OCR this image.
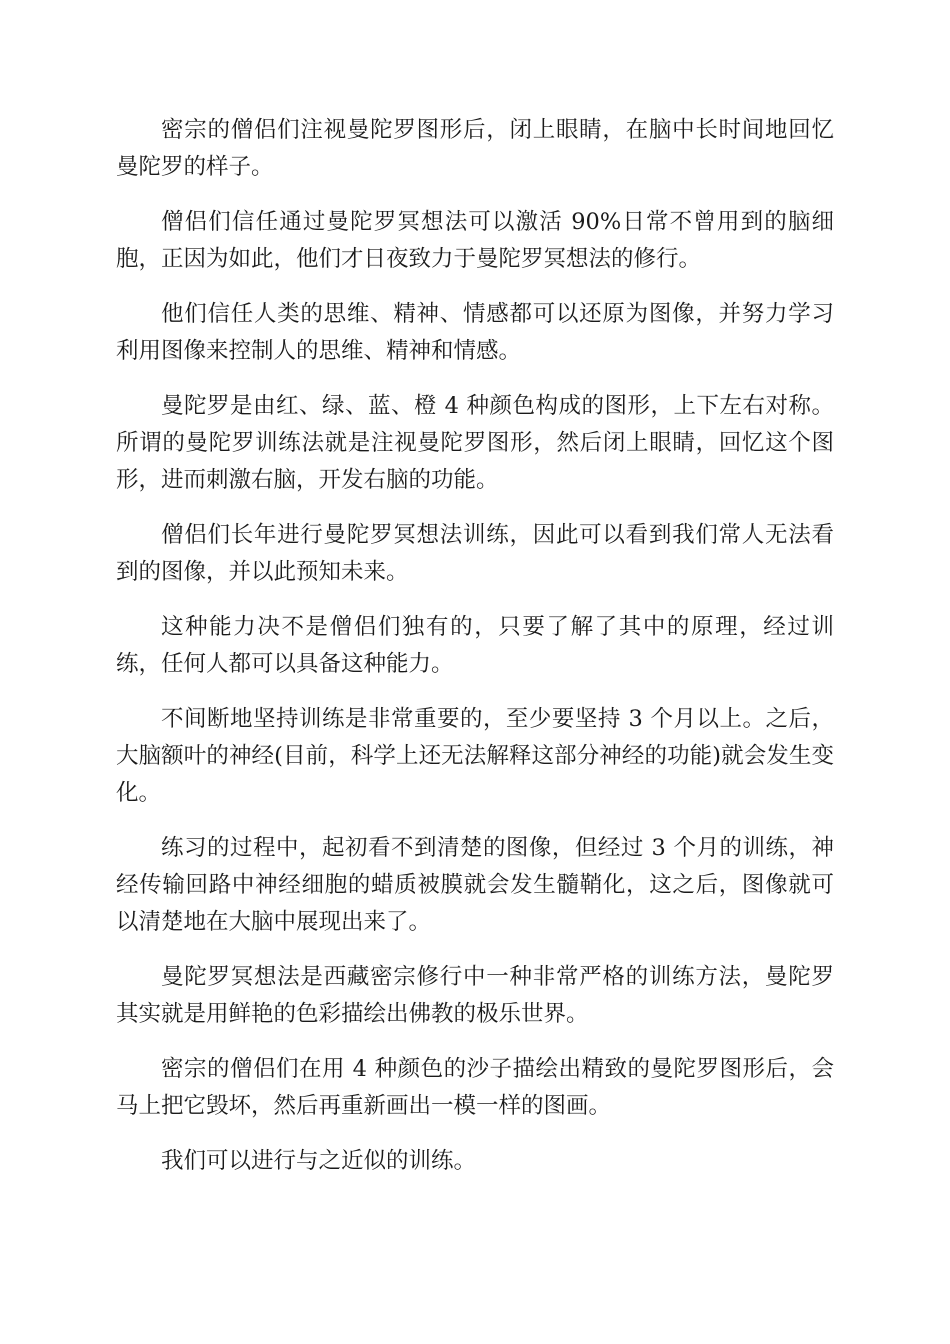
密宗的僧侣们注视曼陀罗图形后，闭上眼睛，在脑中长时间地回忆曼陀罗的样子。

僧侣们信任通过曼陀罗冥想法可以激活 90%日常不曾用到的脑细胞，正因为如此，他们才日夜致力于曼陀罗冥想法的修行。

他们信任人类的思维、精神、情感都可以还原为图像，并努力学习利用图像来控制人的思维、精神和情感。

曼陀罗是由红、绿、蓝、橙 4 种颜色构成的图形，上下左右对称。所谓的曼陀罗训练法就是注视曼陀罗图形，然后闭上眼睛，回忆这个图形，进而刺激右脑，开发右脑的功能。

僧侣们长年进行曼陀罗冥想法训练，因此可以看到我们常人无法看到的图像，并以此预知未来。

这种能力决不是僧侣们独有的，只要了解了其中的原理，经过训练，任何人都可以具备这种能力。

不间断地坚持训练是非常重要的，至少要坚持 3 个月以上。之后，大脑额叶的神经(目前，科学上还无法解释这部分神经的功能)就会发生变化。

练习的过程中，起初看不到清楚的图像，但经过 3 个月的训练，神经传输回路中神经细胞的蜡质被膜就会发生髓鞘化，这之后，图像就可以清楚地在大脑中展现出来了。

曼陀罗冥想法是西藏密宗修行中一种非常严格的训练方法，曼陀罗其实就是用鲜艳的色彩描绘出佛教的极乐世界。

密宗的僧侣们在用 4 种颜色的沙子描绘出精致的曼陀罗图形后，会马上把它毁坏，然后再重新画出一模一样的图画。

我们可以进行与之近似的训练。
